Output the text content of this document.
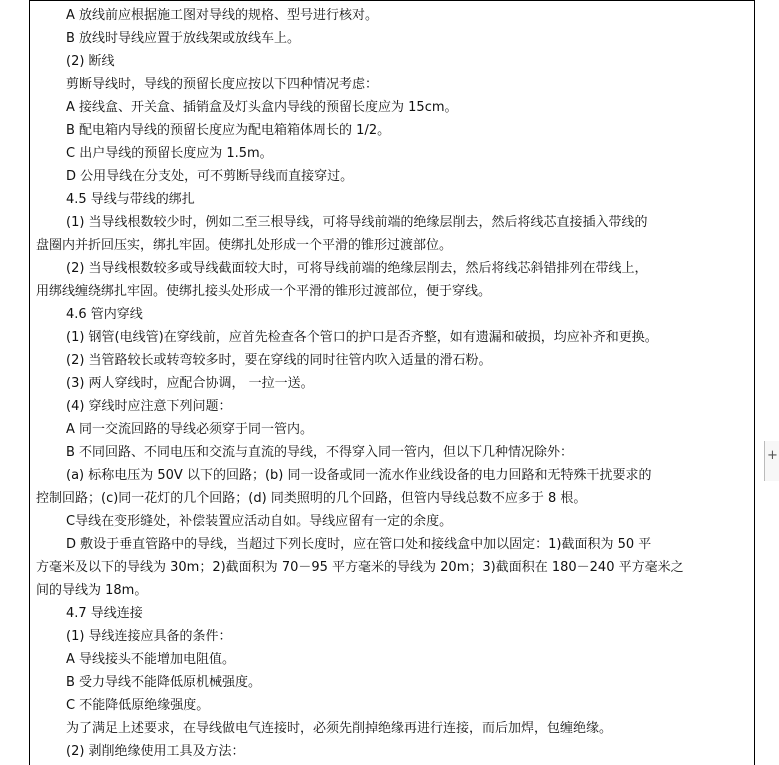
A 放线前应根据施工图对导线的规格、型号进行核对。
B 放线时导线应置于放线架或放线车上。
(2) 断线
剪断导线时，导线的预留长度应按以下四种情况考虑：
A 接线盒、开关盒、插销盒及灯头盒内导线的预留长度应为 15cm。
B 配电箱内导线的预留长度应为配电箱箱体周长的 1/2。
C 出户导线的预留长度应为 1.5m。
D 公用导线在分支处，可不剪断导线而直接穿过。
4.5 导线与带线的绑扎
(1) 当导线根数较少时，例如二至三根导线，可将导线前端的绝缘层削去，然后将线芯直接插入带线的
盘圈内并折回压实，绑扎牢固。使绑扎处形成一个平滑的锥形过渡部位。
(2) 当导线根数较多或导线截面较大时，可将导线前端的绝缘层削去，然后将线芯斜错排列在带线上，
用绑线缠绕绑扎牢固。使绑扎接头处形成一个平滑的锥形过渡部位，便于穿线。
4.6 管内穿线
(1) 钢管(电线管)在穿线前，应首先检查各个管口的护口是否齐整，如有遗漏和破损，均应补齐和更换。
(2) 当管路较长或转弯较多时，要在穿线的同时往管内吹入适量的滑石粉。
(3) 两人穿线时，应配合协调， 一拉一送。
(4) 穿线时应注意下列问题：
A 同一交流回路的导线必须穿于同一管内。
B 不同回路、不同电压和交流与直流的导线，不得穿入同一管内，但以下几种情况除外：
(a) 标称电压为 50V 以下的回路；(b) 同一设备或同一流水作业线设备的电力回路和无特殊干扰要求的
控制回路；(c)同一花灯的几个回路；(d) 同类照明的几个回路，但管内导线总数不应多于 8 根。
C导线在变形缝处，补偿装置应活动自如。导线应留有一定的余度。
D 敷设于垂直管路中的导线，当超过下列长度时，应在管口处和接线盒中加以固定：1)截面积为 50 平
方毫米及以下的导线为 30m；2)截面积为 70－95 平方毫米的导线为 20m；3)截面积在 180－240 平方毫米之
间的导线为 18m。
4.7 导线连接
(1) 导线连接应具备的条件：
A 导线接头不能增加电阻值。
B 受力导线不能降低原机械强度。
C 不能降低原绝缘强度。
为了满足上述要求，在导线做电气连接时，必须先削掉绝缘再进行连接，而后加焊，包缠绝缘。
(2) 剥削绝缘使用工具及方法：
+
